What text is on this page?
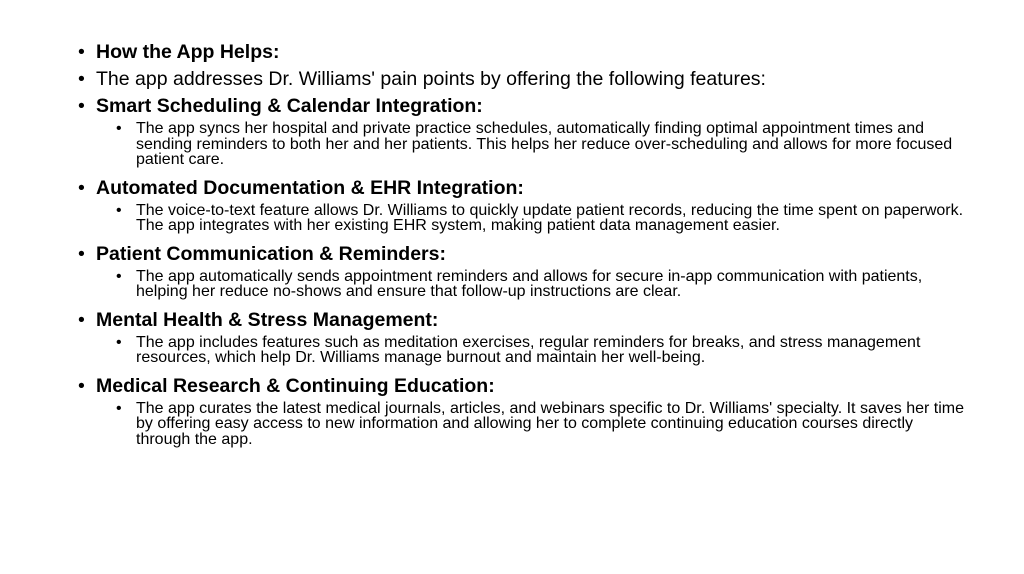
• How the App Helps:
• The app addresses Dr. Williams' pain points by offering the following features:
• Smart Scheduling & Calendar Integration:
• The app syncs her hospital and private practice schedules, automatically finding optimal appointment times and sending reminders to both her and her patients. This helps her reduce over-scheduling and allows for more focused patient care.
• Automated Documentation & EHR Integration:
• The voice-to-text feature allows Dr. Williams to quickly update patient records, reducing the time spent on paperwork. The app integrates with her existing EHR system, making patient data management easier.
• Patient Communication & Reminders:
• The app automatically sends appointment reminders and allows for secure in-app communication with patients, helping her reduce no-shows and ensure that follow-up instructions are clear.
• Mental Health & Stress Management:
• The app includes features such as meditation exercises, regular reminders for breaks, and stress management resources, which help Dr. Williams manage burnout and maintain her well-being.
• Medical Research & Continuing Education:
• The app curates the latest medical journals, articles, and webinars specific to Dr. Williams' specialty. It saves her time by offering easy access to new information and allowing her to complete continuing education courses directly through the app.
